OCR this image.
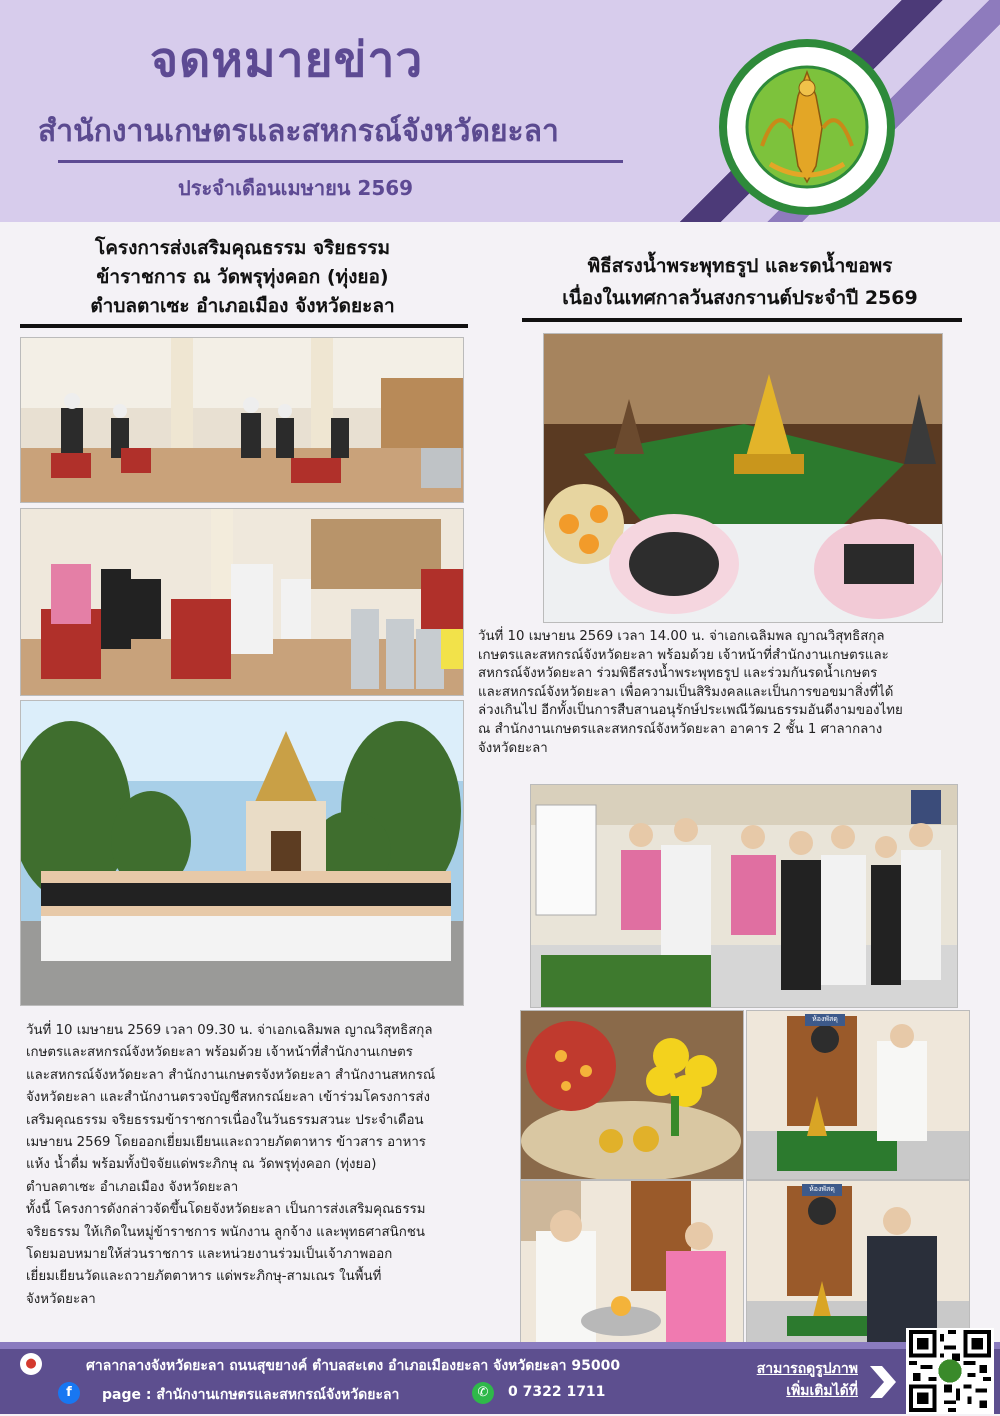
จดหมายข่าว
สำนักงานเกษตรและสหกรณ์จังหวัดยะลา
ประจำเดือนเมษายน 2569
โครงการส่งเสริมคุณธรรม จริยธรรม
ข้าราชการ ณ วัดพรุทุ่งคอก (ทุ่งยอ)
ตำบลตาเซะ อำเภอเมือง จังหวัดยะลา
พิธีสรงน้ำพระพุทธรูป และรดน้ำขอพร
เนื่องในเทศกาลวันสงกรานต์ประจำปี 2569
วันที่ 10 เมษายน 2569 เวลา 09.30 น. จ่าเอกเฉลิมพล ญาณวิสุทธิสกุล
เกษตรและสหกรณ์จังหวัดยะลา พร้อมด้วย เจ้าหน้าที่สำนักงานเกษตร
และสหกรณ์จังหวัดยะลา สำนักงานเกษตรจังหวัดยะลา สำนักงานสหกรณ์
จังหวัดยะลา และสำนักงานตรวจบัญชีสหกรณ์ยะลา เข้าร่วมโครงการส่ง
เสริมคุณธรรม จริยธรรมข้าราชการเนื่องในวันธรรมสวนะ ประจำเดือน
เมษายน 2569 โดยออกเยี่ยมเยียนและถวายภัตตาหาร ข้าวสาร อาหาร
แห้ง น้ำดื่ม พร้อมทั้งปัจจัยแด่พระภิกษุ ณ วัดพรุทุ่งคอก (ทุ่งยอ)
ตำบลตาเซะ อำเภอเมือง จังหวัดยะลา
ทั้งนี้ โครงการดังกล่าวจัดขึ้นโดยจังหวัดยะลา เป็นการส่งเสริมคุณธรรม
จริยธรรม ให้เกิดในหมู่ข้าราชการ พนักงาน ลูกจ้าง และพุทธศาสนิกชน
โดยมอบหมายให้ส่วนราชการ และหน่วยงานร่วมเป็นเจ้าภาพออก
เยี่ยมเยียนวัดและถวายภัตตาหาร แด่พระภิกษุ-สามเณร ในพื้นที่
จังหวัดยะลา
วันที่ 10 เมษายน 2569 เวลา 14.00 น. จ่าเอกเฉลิมพล ญาณวิสุทธิสกุล
เกษตรและสหกรณ์จังหวัดยะลา พร้อมด้วย เจ้าหน้าที่สำนักงานเกษตรและ
สหกรณ์จังหวัดยะลา ร่วมพิธีสรงน้ำพระพุทธรูป และร่วมกันรดน้ำเกษตร
และสหกรณ์จังหวัดยะลา เพื่อความเป็นสิริมงคลและเป็นการขอขมาสิ่งที่ได้
ล่วงเกินไป อีกทั้งเป็นการสืบสานอนุรักษ์ประเพณีวัฒนธรรมอันดีงามของไทย
ณ สำนักงานเกษตรและสหกรณ์จังหวัดยะลา อาคาร 2 ชั้น 1 ศาลากลาง
จังหวัดยะลา
ห้องพัสดุ
ห้องพัสดุ
●	ศาลากลางจังหวัดยะลา ถนนสุขยางค์ ตำบลสะเตง อำเภอเมืองยะลา จังหวัดยะลา 95000
f	page : สำนักงานเกษตรและสหกรณ์จังหวัดยะลา	✆	0 7322 1711
สามารถดูรูปภาพ
เพิ่มเติมได้ที่
